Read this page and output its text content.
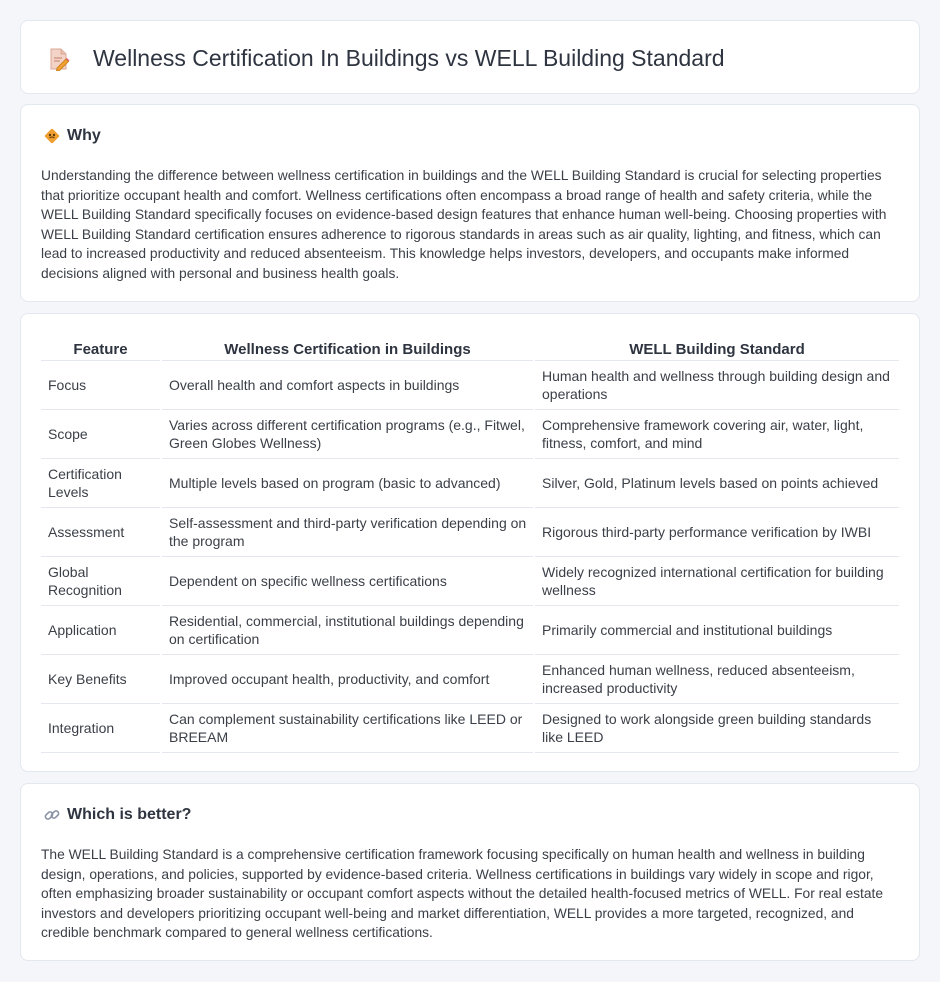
Wellness Certification In Buildings vs WELL Building Standard
Why

Understanding the difference between wellness certification in buildings and the WELL Building Standard is crucial for selecting properties that prioritize occupant health and comfort. Wellness certifications often encompass a broad range of health and safety criteria, while the WELL Building Standard specifically focuses on evidence-based design features that enhance human well-being. Choosing properties with WELL Building Standard certification ensures adherence to rigorous standards in areas such as air quality, lighting, and fitness, which can lead to increased productivity and reduced absenteeism. This knowledge helps investors, developers, and occupants make informed decisions aligned with personal and business health goals.

Feature	Wellness Certification in Buildings	WELL Building Standard
Focus	Overall health and comfort aspects in buildings	Human health and wellness through building design and operations
Scope	Varies across different certification programs (e.g., Fitwel, Green Globes Wellness)	Comprehensive framework covering air, water, light, fitness, comfort, and mind
Certification Levels	Multiple levels based on program (basic to advanced)	Silver, Gold, Platinum levels based on points achieved
Assessment	Self-assessment and third-party verification depending on the program	Rigorous third-party performance verification by IWBI
Global Recognition	Dependent on specific wellness certifications	Widely recognized international certification for building wellness
Application	Residential, commercial, institutional buildings depending on certification	Primarily commercial and institutional buildings
Key Benefits	Improved occupant health, productivity, and comfort	Enhanced human wellness, reduced absenteeism, increased productivity
Integration	Can complement sustainability certifications like LEED or BREEAM	Designed to work alongside green building standards like LEED
Which is better?

The WELL Building Standard is a comprehensive certification framework focusing specifically on human health and wellness in building design, operations, and policies, supported by evidence-based criteria. Wellness certifications in buildings vary widely in scope and rigor, often emphasizing broader sustainability or occupant comfort aspects without the detailed health-focused metrics of WELL. For real estate investors and developers prioritizing occupant well-being and market differentiation, WELL provides a more targeted, recognized, and credible benchmark compared to general wellness certifications.
